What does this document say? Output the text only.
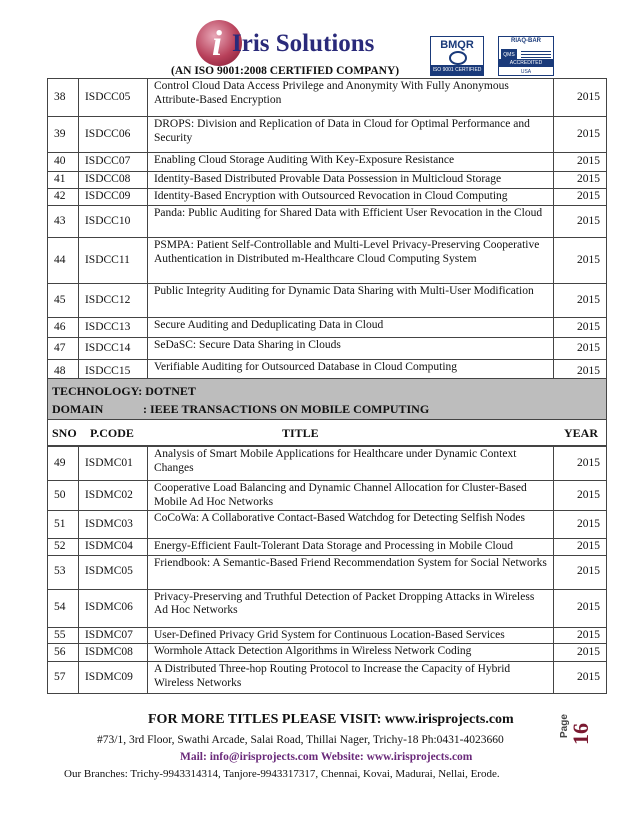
i Iris Solutions
(AN ISO 9001:2008 CERTIFIED COMPANY)
BMQR
ISO 9001 CERTIFIED
RIAQ-BAR
QMS
ACCREDITED
USA
38	ISDCC05	Control Cloud Data Access Privilege and Anonymity With Fully Anonymous Attribute-Based Encryption	2015
39	ISDCC06	DROPS: Division and Replication of Data in Cloud for Optimal Performance and Security	2015
40	ISDCC07	Enabling Cloud Storage Auditing With Key-Exposure Resistance	2015
41	ISDCC08	Identity-Based Distributed Provable Data Possession in Multicloud Storage	2015
42	ISDCC09	Identity-Based Encryption with Outsourced Revocation in Cloud Computing	2015
43	ISDCC10	Panda: Public Auditing for Shared Data with Efficient User Revocation in the Cloud	2015
44	ISDCC11	PSMPA: Patient Self-Controllable and Multi-Level Privacy-Preserving Cooperative Authentication in Distributed m-Healthcare Cloud Computing System	2015
45	ISDCC12	Public Integrity Auditing for Dynamic Data Sharing with Multi-User Modification	2015
46	ISDCC13	Secure Auditing and Deduplicating Data in Cloud	2015
47	ISDCC14	SeDaSC: Secure Data Sharing in Clouds	2015
48	ISDCC15	Verifiable Auditing for Outsourced Database in Cloud Computing	2015
TECHNOLOGY: DOTNET
DOMAIN	: IEEE TRANSACTIONS ON MOBILE COMPUTING
SNO P.CODE	TITLE	YEAR
49	ISDMC01	Analysis of Smart Mobile Applications for Healthcare under Dynamic Context Changes	2015
50	ISDMC02	Cooperative Load Balancing and Dynamic Channel Allocation for Cluster-Based Mobile Ad Hoc Networks	2015
51	ISDMC03	CoCoWa: A Collaborative Contact-Based Watchdog for Detecting Selfish Nodes	2015
52	ISDMC04	Energy-Efficient Fault-Tolerant Data Storage and Processing in Mobile Cloud	2015
53	ISDMC05	Friendbook: A Semantic-Based Friend Recommendation System for Social Networks	2015
54	ISDMC06	Privacy-Preserving and Truthful Detection of Packet Dropping Attacks in Wireless Ad Hoc Networks	2015
55	ISDMC07	User-Defined Privacy Grid System for Continuous Location-Based Services	2015
56	ISDMC08	Wormhole Attack Detection Algorithms in Wireless Network Coding	2015
57	ISDMC09	A Distributed Three-hop Routing Protocol to Increase the Capacity of Hybrid Wireless Networks	2015
FOR MORE TITLES PLEASE VISIT: www.irisprojects.com
#73/1, 3rd Floor, Swathi Arcade, Salai Road, Thillai Nager, Trichy-18 Ph:0431-4023660
Mail: info@irisprojects.com Website: www.irisprojects.com
Our Branches: Trichy-9943314314, Tanjore-9943317317, Chennai, Kovai, Madurai, Nellai, Erode.
Page
16
